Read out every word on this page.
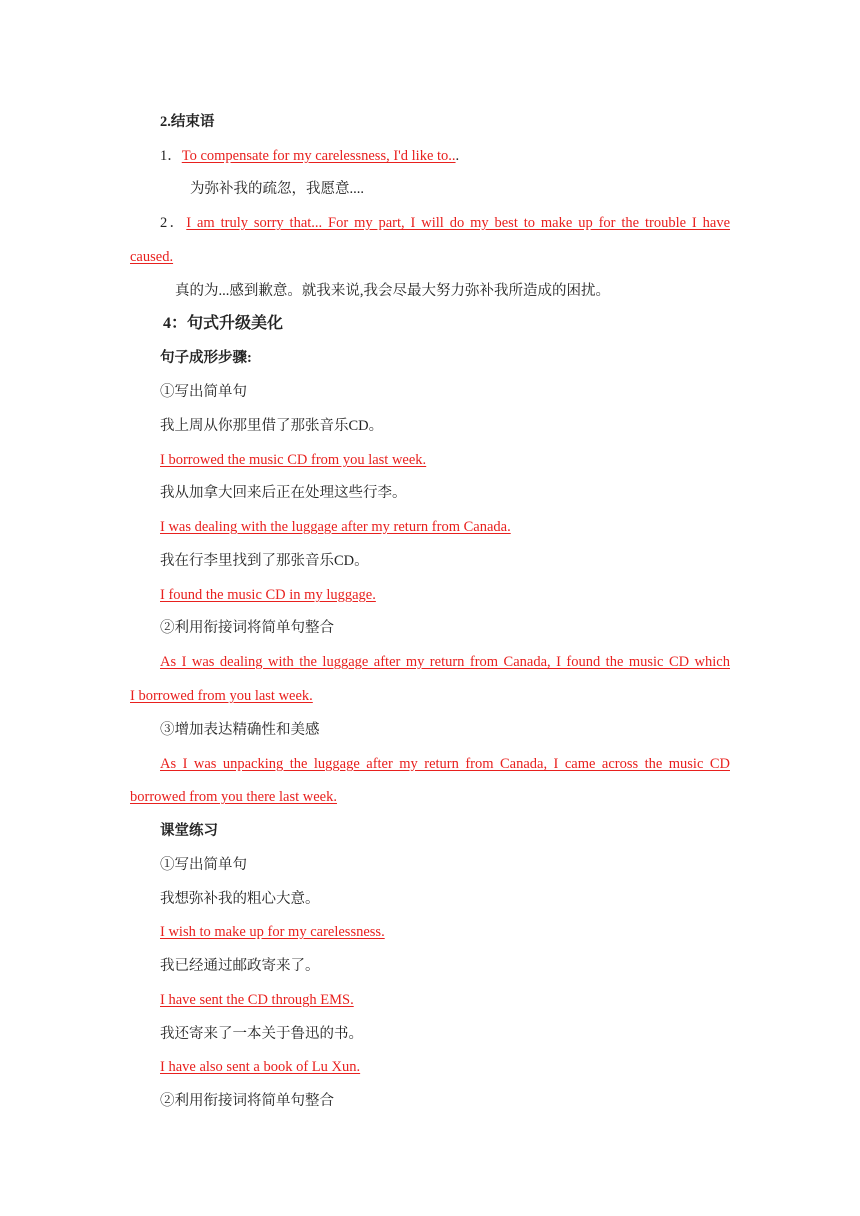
2.结束语
1．To compensate for my carelessness, I'd like to...
为弥补我的疏忽，我愿意....
2．I am truly sorry that... For my part, I will do my best to make up for the trouble I have
caused.
真的为...感到歉意。就我来说,我会尽最大努力弥补我所造成的困扰。
4：句式升级美化
句子成形步骤:
①写出简单句
我上周从你那里借了那张音乐CD。
I borrowed the music CD from you last week.
我从加拿大回来后正在处理这些行李。
I was dealing with the luggage after my return from Canada.
我在行李里找到了那张音乐CD。
I found the music CD in my luggage.
②利用衔接词将简单句整合
As I was dealing with the luggage after my return from Canada, I found the music CD which
I borrowed from you last week.
③增加表达精确性和美感
As I was unpacking the luggage after my return from Canada, I came across the music CD
borrowed from you there last week.
课堂练习
①写出简单句
我想弥补我的粗心大意。
I wish to make up for my carelessness.
我已经通过邮政寄来了。
I have sent the CD through EMS.
我还寄来了一本关于鲁迅的书。
I have also sent a book of Lu Xun.
②利用衔接词将简单句整合
